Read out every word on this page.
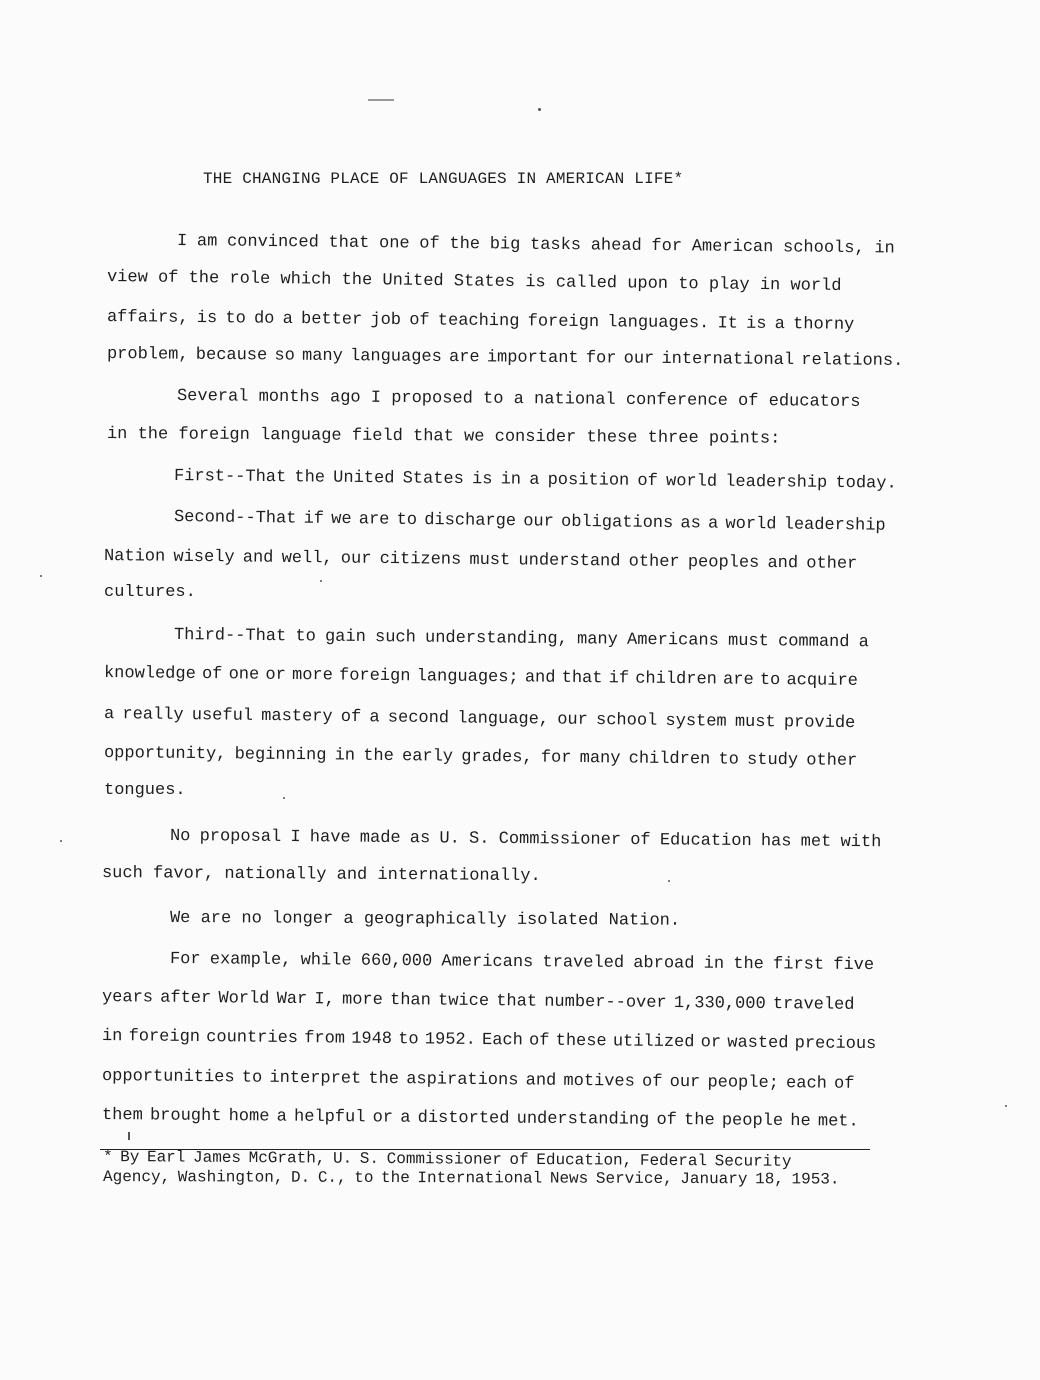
THE CHANGING PLACE OF LANGUAGES IN AMERICAN LIFE*
I am convinced that one of the big tasks ahead for American schools, in
view of the role which the United States is called upon to play in world
affairs, is to do a better job of teaching foreign languages. It is a thorny
problem, because so many languages are important for our international relations.
Several months ago I proposed to a national conference of educators
in the foreign language field that we consider these three points:
First--That the United States is in a position of world leadership today.
Second--That if we are to discharge our obligations as a world leadership
Nation wisely and well, our citizens must understand other peoples and other
cultures.
Third--That to gain such understanding, many Americans must command a
knowledge of one or more foreign languages; and that if children are to acquire
a really useful mastery of a second language, our school system must provide
opportunity, beginning in the early grades, for many children to study other
tongues.
No proposal I have made as U. S. Commissioner of Education has met with
such favor, nationally and internationally.
We are no longer a geographically isolated Nation.
For example, while 660,000 Americans traveled abroad in the first five
years after World War I, more than twice that number--over 1,330,000 traveled
in foreign countries from 1948 to 1952. Each of these utilized or wasted precious
opportunities to interpret the aspirations and motives of our people; each of
them brought home a helpful or a distorted understanding of the people he met.
* By Earl James McGrath, U. S. Commissioner of Education, Federal Security
Agency, Washington, D. C., to the International News Service, January 18, 1953.
